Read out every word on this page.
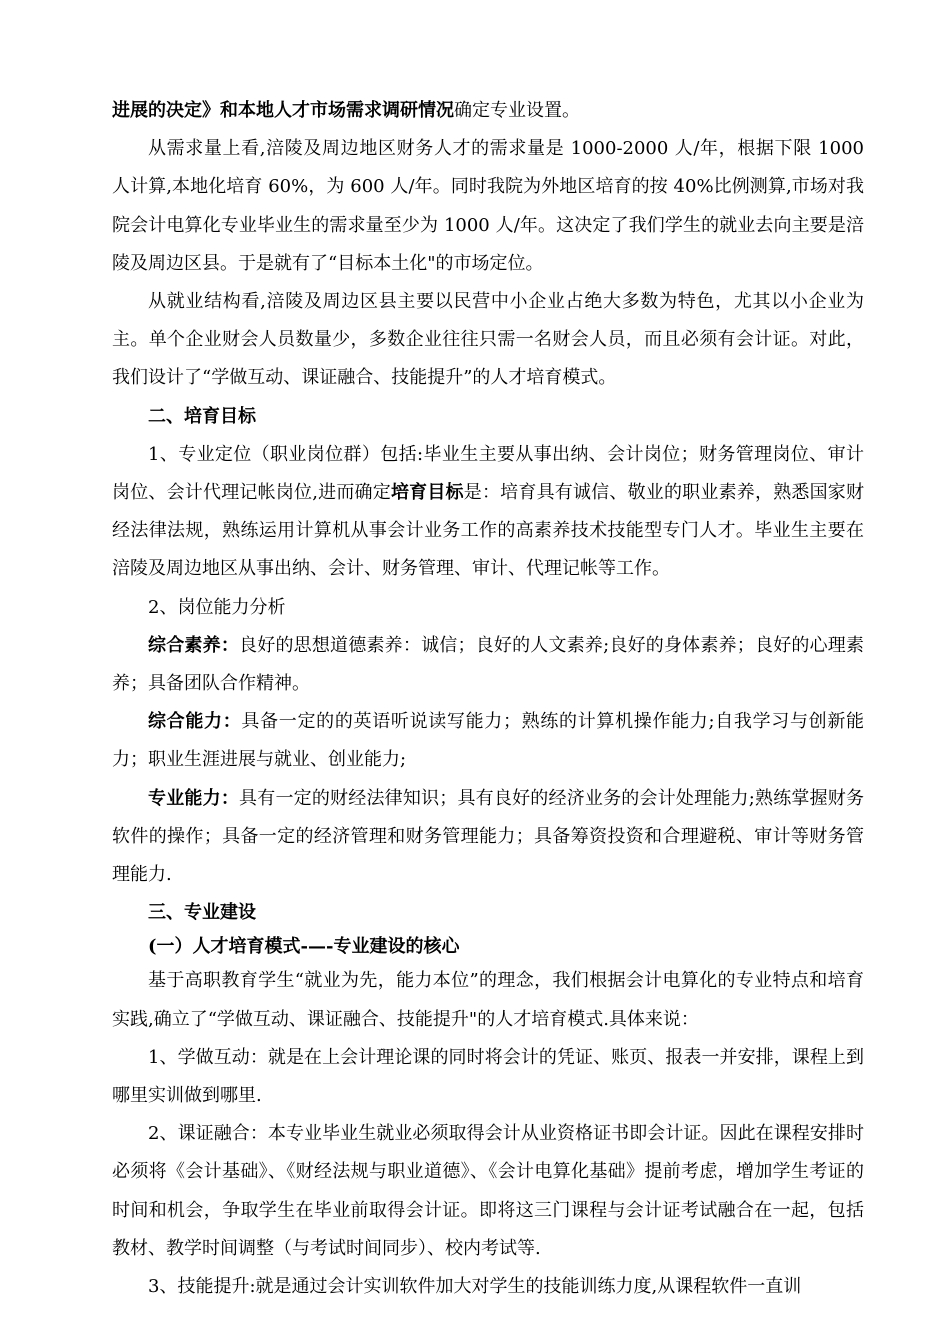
进展的决定》和本地人才市场需求调研情况确定专业设置。

从需求量上看,涪陵及周边地区财务人才的需求量是 1000-2000 人/年，根据下限 1000 人计算,本地化培育 60%，为 600 人/年。同时我院为外地区培育的按 40%比例测算,市场对我院会计电算化专业毕业生的需求量至少为 1000 人/年。这决定了我们学生的就业去向主要是涪陵及周边区县。于是就有了“目标本土化"的市场定位。

从就业结构看,涪陵及周边区县主要以民营中小企业占绝大多数为特色，尤其以小企业为主。单个企业财会人员数量少，多数企业往往只需一名财会人员，而且必须有会计证。对此，我们设计了“学做互动、课证融合、技能提升”的人才培育模式。

二、培育目标

1、专业定位（职业岗位群）包括:毕业生主要从事出纳、会计岗位；财务管理岗位、审计岗位、会计代理记帐岗位,进而确定培育目标是：培育具有诚信、敬业的职业素养，熟悉国家财经法律法规，熟练运用计算机从事会计业务工作的高素养技术技能型专门人才。毕业生主要在涪陵及周边地区从事出纳、会计、财务管理、审计、代理记帐等工作。

2、岗位能力分析

综合素养：良好的思想道德素养：诚信；良好的人文素养;良好的身体素养；良好的心理素养；具备团队合作精神。

综合能力：具备一定的的英语听说读写能力；熟练的计算机操作能力;自我学习与创新能力；职业生涯进展与就业、创业能力;

专业能力：具有一定的财经法律知识；具有良好的经济业务的会计处理能力;熟练掌握财务软件的操作；具备一定的经济管理和财务管理能力；具备筹资投资和合理避税、审计等财务管理能力.

三、专业建设

(一）人才培育模式-—-专业建设的核心

基于高职教育学生“就业为先，能力本位”的理念，我们根据会计电算化的专业特点和培育实践,确立了“学做互动、课证融合、技能提升"的人才培育模式.具体来说：

1、学做互动：就是在上会计理论课的同时将会计的凭证、账页、报表一并安排，课程上到哪里实训做到哪里.

2、课证融合：本专业毕业生就业必须取得会计从业资格证书即会计证。因此在课程安排时必须将《会计基础》、《财经法规与职业道德》、《会计电算化基础》提前考虑，增加学生考证的时间和机会，争取学生在毕业前取得会计证。即将这三门课程与会计证考试融合在一起，包括教材、教学时间调整（与考试时间同步）、校内考试等.

3、技能提升:就是通过会计实训软件加大对学生的技能训练力度,从课程软件一直训
